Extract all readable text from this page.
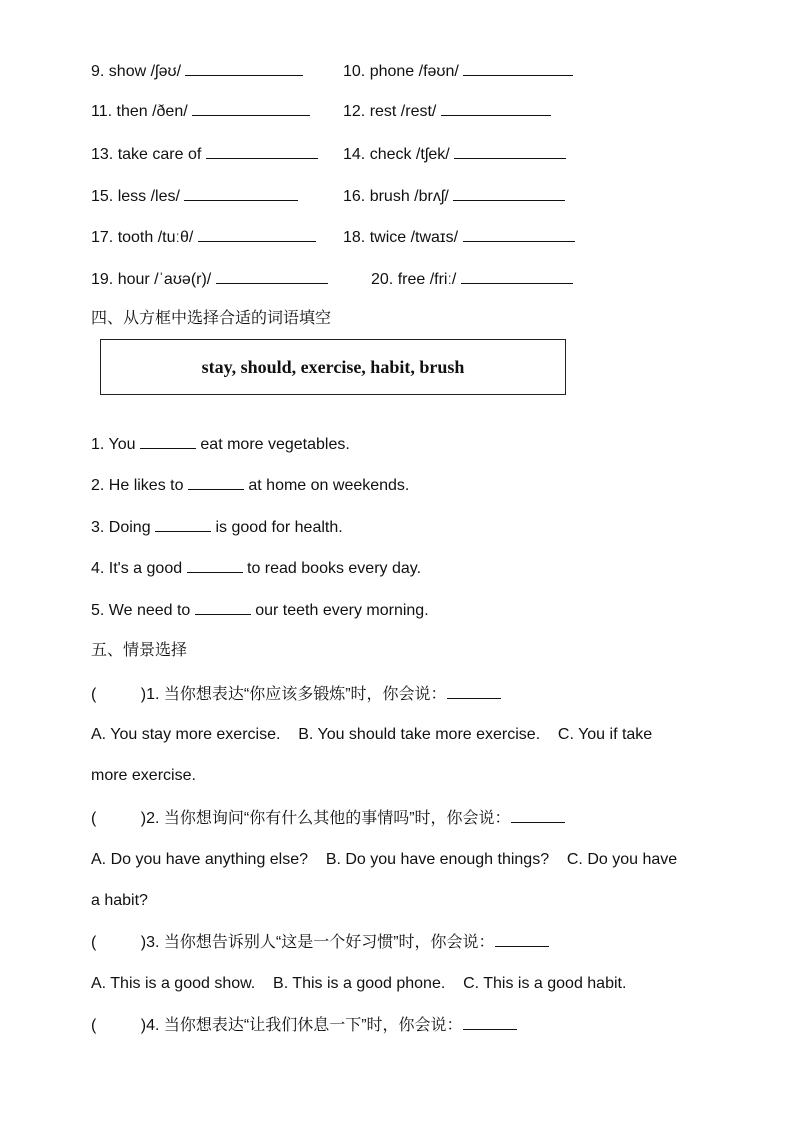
9. show /ʃəʊ/	10. phone /fəʊn/
11. then /ðen/	12. rest /rest/
13. take care of	14. check /tʃek/
15. less /les/	16. brush /brʌʃ/
17. tooth /tuːθ/	18. twice /twaɪs/
19. hour /ˈaʊə(r)/	20. free /friː/
四、从方框中选择合适的词语填空
stay, should, exercise, habit, brush
1. You	eat more vegetables.
2. He likes to	at home on weekends.
3. Doing	is good for health.
4. It's a good	to read books every day.
5. We need to	our teeth every morning.
五、情景选择
(          )1. 当你想表达“你应该多锻炼”时，你会说：
A. You stay more exercise.    B. You should take more exercise.    C. You if take
more exercise.
(          )2. 当你想询问“你有什么其他的事情吗”时，你会说：
A. Do you have anything else?    B. Do you have enough things?    C. Do you have
a habit?
(          )3. 当你想告诉别人“这是一个好习惯”时，你会说：
A. This is a good show.    B. This is a good phone.    C. This is a good habit.
(          )4. 当你想表达“让我们休息一下”时，你会说：
